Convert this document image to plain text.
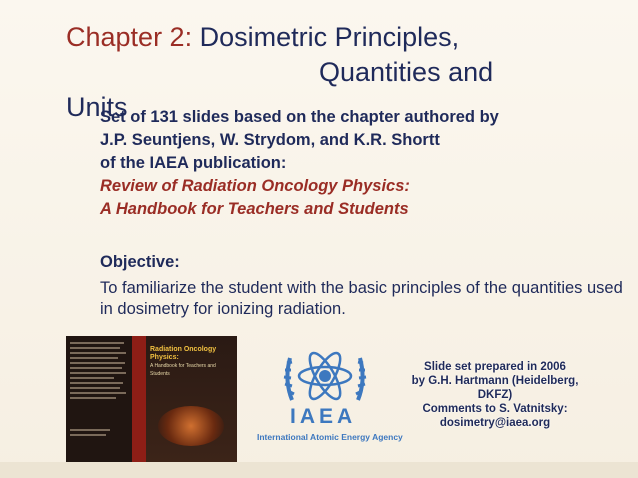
Chapter 2: Dosimetric Principles,
Quantities and
Units
Set of 131 slides based on the chapter authored by
J.P. Seuntjens, W. Strydom, and K.R. Shortt
of the IAEA publication:
Review of Radiation Oncology Physics:
A Handbook for Teachers and Students
Objective:
To familiarize the student with the basic principles of the quantities used in dosimetry for ionizing radiation.
Radiation Oncology Physics:
A Handbook for Teachers and Students
IAEA
International Atomic Energy Agency
Slide set prepared in 2006
by G.H. Hartmann (Heidelberg, DKFZ)
Comments to S. Vatnitsky:
dosimetry@iaea.org
